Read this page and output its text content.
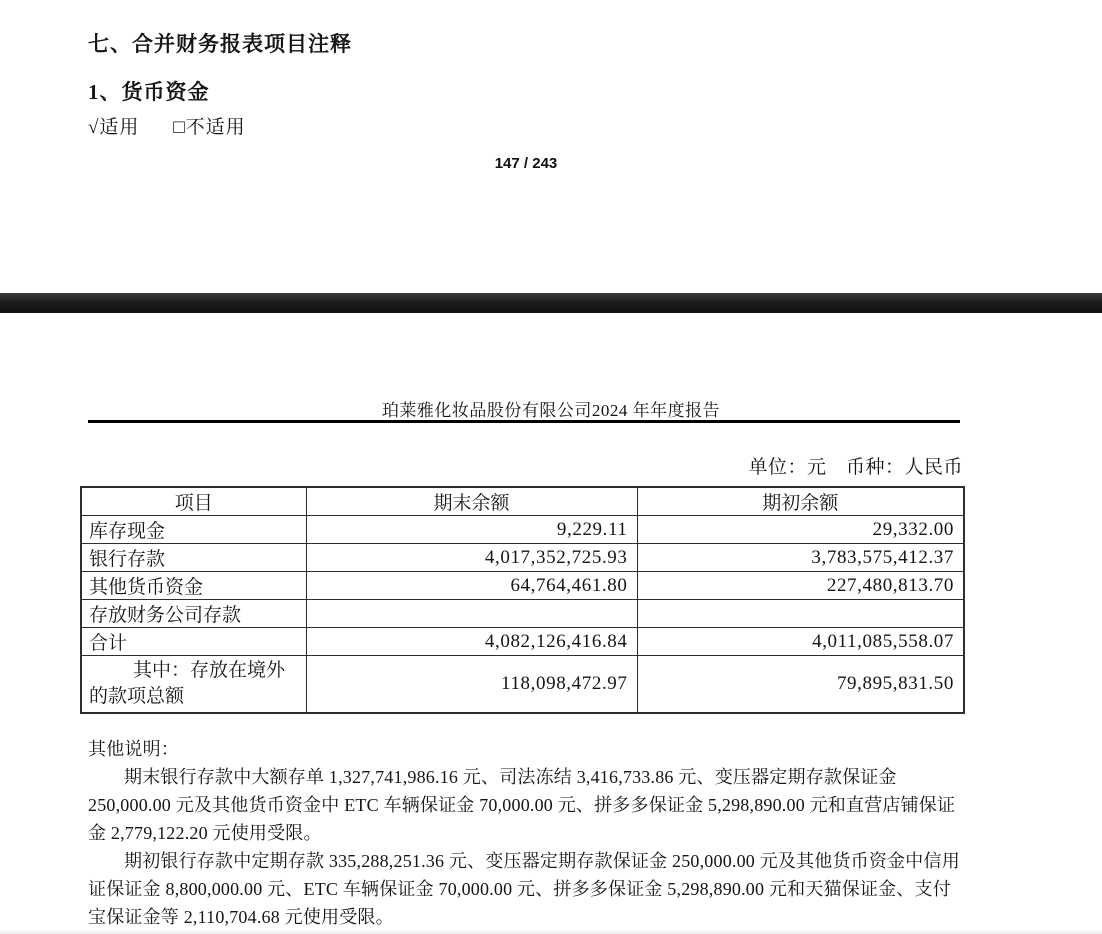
七、合并财务报表项目注释
1、货币资金
√适用 □不适用
147 / 243
珀莱雅化妆品股份有限公司2024 年年度报告
单位：元　币种：人民币
项目	期末余额	期初余额
库存现金	9,229.11	29,332.00
银行存款	4,017,352,725.93	3,783,575,412.37
其他货币资金	64,764,461.80	227,480,813.70
存放财务公司存款		
合计	4,082,126,416.84	4,011,085,558.07
其中：存放在境外的款项总额	118,098,472.97	79,895,831.50

其他说明：

期末银行存款中大额存单 1,327,741,986.16 元、司法冻结 3,416,733.86 元、变压器定期存款保证金 250,000.00 元及其他货币资金中 ETC 车辆保证金 70,000.00 元、拼多多保证金 5,298,890.00 元和直营店铺保证金 2,779,122.20 元使用受限。

期初银行存款中定期存款 335,288,251.36 元、变压器定期存款保证金 250,000.00 元及其他货币资金中信用证保证金 8,800,000.00 元、ETC 车辆保证金 70,000.00 元、拼多多保证金 5,298,890.00 元和天猫保证金、支付宝保证金等 2,110,704.68 元使用受限。
